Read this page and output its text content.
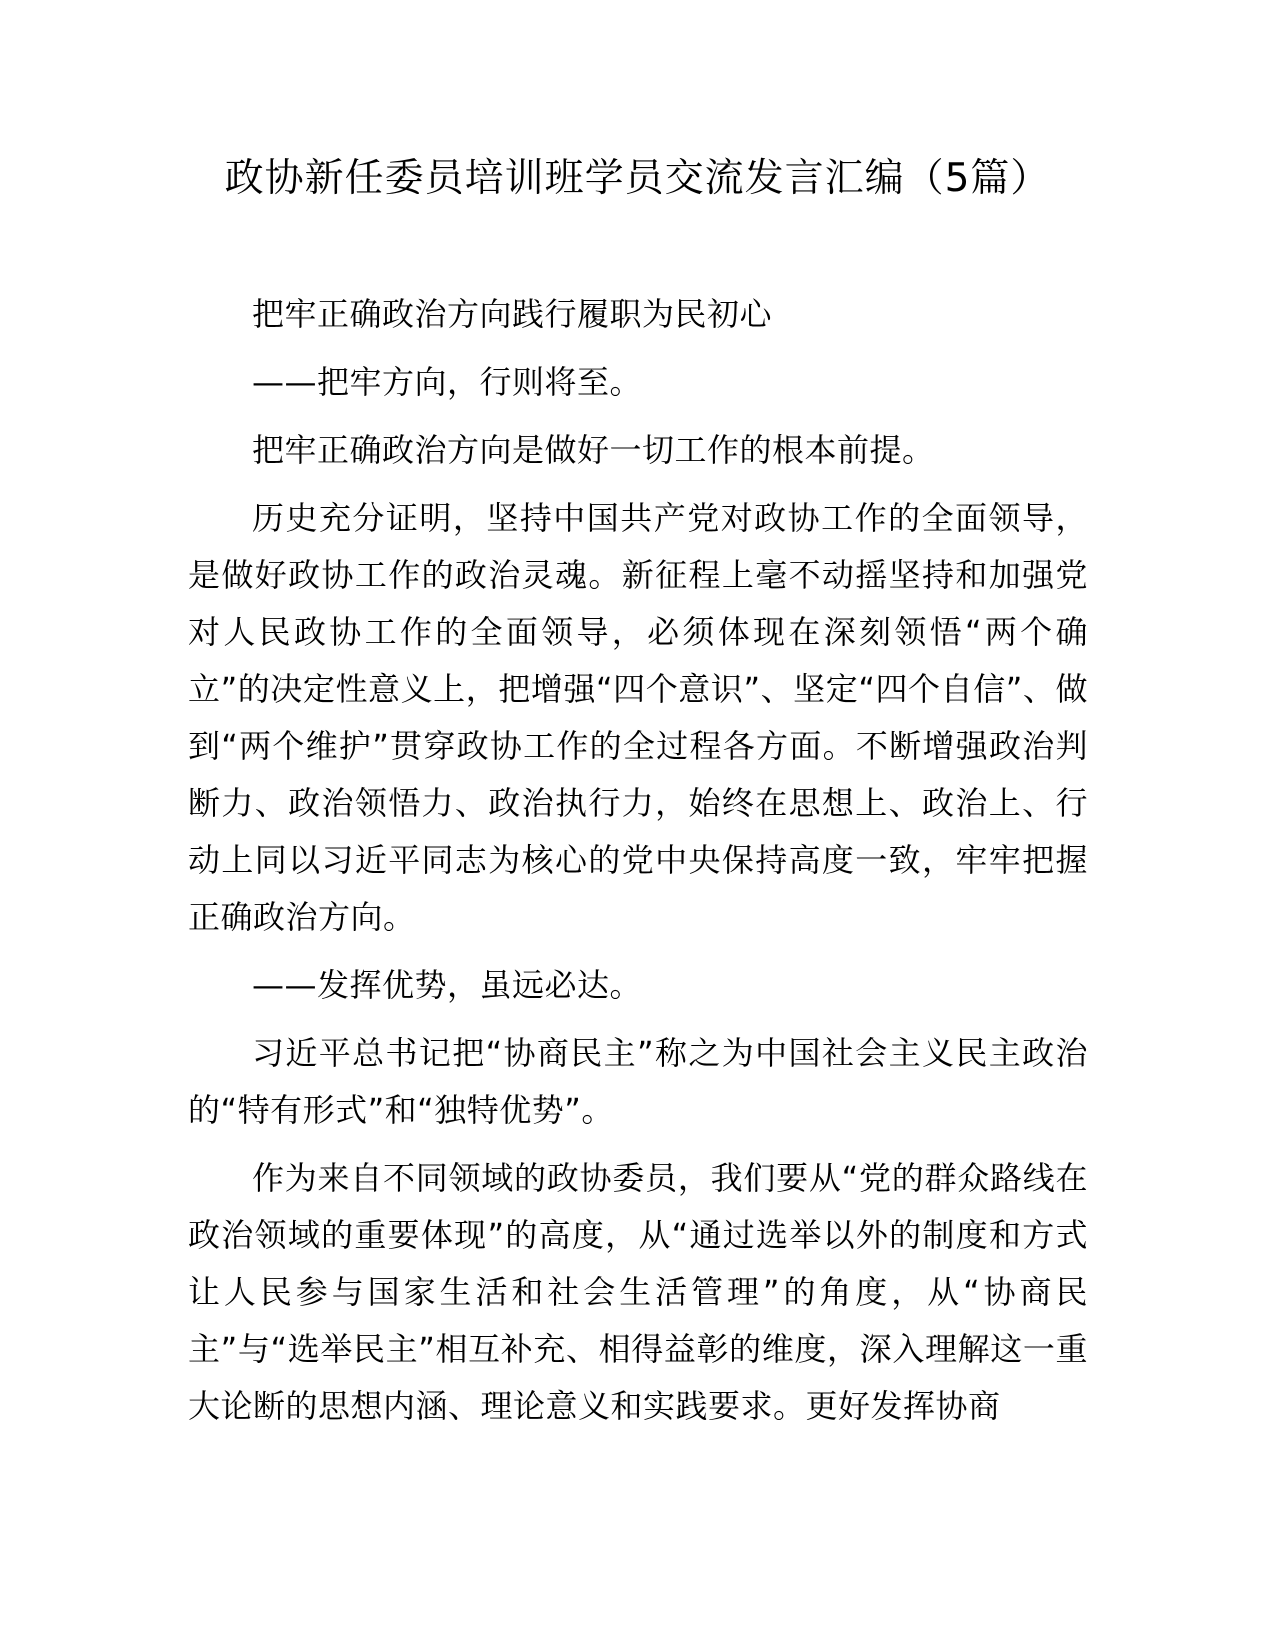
政协新任委员培训班学员交流发言汇编（5篇）

把牢正确政治方向践行履职为民初心

——把牢方向，行则将至。

把牢正确政治方向是做好一切工作的根本前提。

历史充分证明，坚持中国共产党对政协工作的全面领导，是做好政协工作的政治灵魂。新征程上毫不动摇坚持和加强党对人民政协工作的全面领导，必须体现在深刻领悟“两个确立”的决定性意义上，把增强“四个意识”、坚定“四个自信”、做到“两个维护”贯穿政协工作的全过程各方面。不断增强政治判断力、政治领悟力、政治执行力，始终在思想上、政治上、行动上同以习近平同志为核心的党中央保持高度一致，牢牢把握正确政治方向。

——发挥优势，虽远必达。

习近平总书记把“协商民主”称之为中国社会主义民主政治的“特有形式”和“独特优势”。

作为来自不同领域的政协委员，我们要从“党的群众路线在政治领域的重要体现”的高度，从“通过选举以外的制度和方式让人民参与国家生活和社会生活管理”的角度，从“协商民主”与“选举民主”相互补充、相得益彰的维度，深入理解这一重大论断的思想内涵、理论意义和实践要求。更好发挥协商
